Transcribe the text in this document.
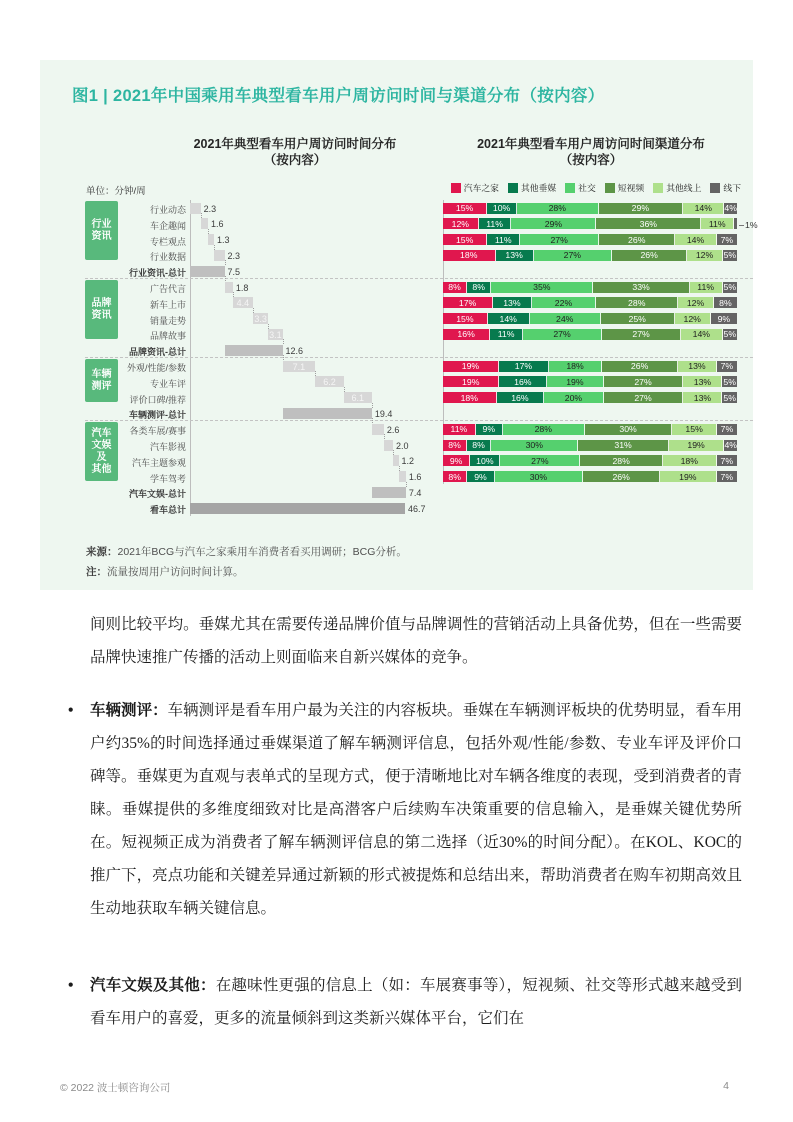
图1 | 2021年中国乘用车典型看车用户周访问时间与渠道分布（按内容）
2021年典型看车用户周访问时间分布
（按内容）
2021年典型看车用户周访问时间渠道分布
（按内容）
单位：分钟/周	汽车之家	其他垂媒	社交	短视频	其他线上	线下
行业
资讯
品牌
资讯
车辆
测评
汽车
文娱
及
其他
行业动态 2.3	15%	10%	28%	29%	14%	4%
车企趣闻	1.6	12%	11%	29%	36%	11%	1%
专栏观点	1.3	15%	11%	27%	26%	14%	7%
行业数据	2.3	18%	13%	27%	26%	12%	5%
行业资讯-总计	7.5
广告代言	1.8	8%	8%	35%	33%	11%	5%
新车上市	4.4	17%	13%	22%	28%	12%	8%
销量走势	3.3	15%	14%	24%	25%	12%	9%
品牌故事	3.1	16%	11%	27%	27%	14%	5%
品牌资讯-总计	12.6
外观/性能/参数	7.1	19%	17%	18%	26%	13%	7%
专业车评	6.2	19%	16%	19%	27%	13%	5%
评价口碑/推荐	6.1	18%	16%	20%	27%	13%	5%
车辆测评-总计	19.4
各类车展/赛事	2.6	11%	9%	28%	30%	15%	7%
汽车影视	2.0	8%	8%	30%	31%	19%	4%
汽车主题参观	1.2	9%	10%	27%	28%	18%	7%
学车驾考	1.6	8%	9%	30%	26%	19%	7%
汽车文娱-总计	7.4
看车总计	46.7
来源：2021年BCG与汽车之家乘用车消费者看买用调研；BCG分析。
注：流量按周用户访问时间计算。
间则比较平均。垂媒尤其在需要传递品牌价值与品牌调性的营销活动上具备优势，但在一些需要品牌快速推广传播的活动上则面临来自新兴媒体的竞争。
• 车辆测评：车辆测评是看车用户最为关注的内容板块。垂媒在车辆测评板块的优势明显，看车用户约35%的时间选择通过垂媒渠道了解车辆测评信息，包括外观/性能/参数、专业车评及评价口碑等。垂媒更为直观与表单式的呈现方式，便于清晰地比对车辆各维度的表现，受到消费者的青睐。垂媒提供的多维度细致对比是高潜客户后续购车决策重要的信息输入，是垂媒关键优势所在。短视频正成为消费者了解车辆测评信息的第二选择（近30%的时间分配）。在KOL、KOC的推广下，亮点功能和关键差异通过新颖的形式被提炼和总结出来，帮助消费者在购车初期高效且生动地获取车辆关键信息。
• 汽车文娱及其他：在趣味性更强的信息上（如：车展赛事等），短视频、社交等形式越来越受到看车用户的喜爱，更多的流量倾斜到这类新兴媒体平台，它们在
© 2022 波士顿咨询公司	4
